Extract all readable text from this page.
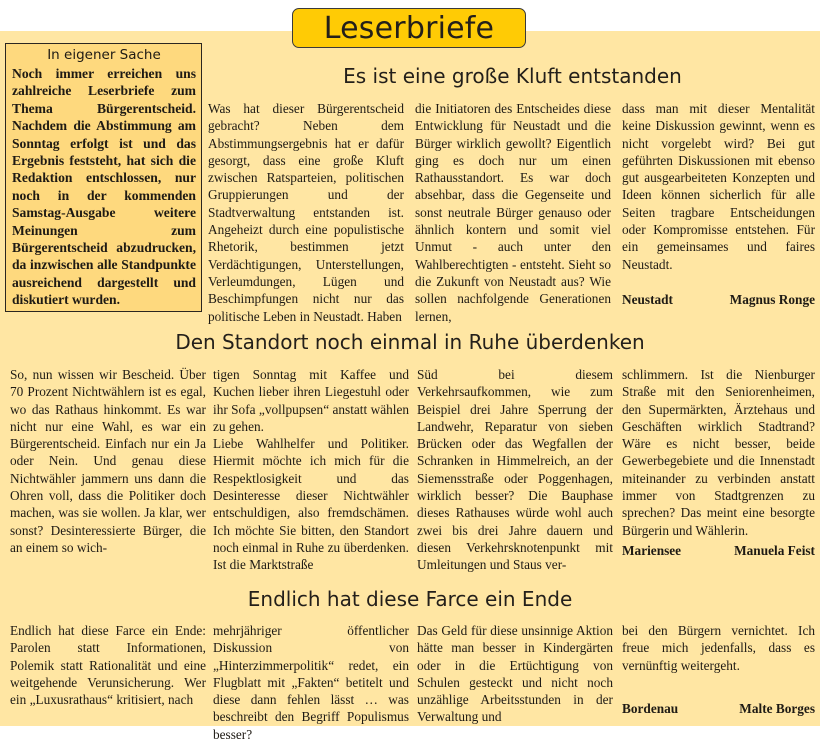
Leserbriefe
In eigener Sache

Noch immer erreichen uns zahlreiche Leserbriefe zum Thema Bürgerentscheid. Nachdem die Abstimmung am Sonntag erfolgt ist und das Ergebnis feststeht, hat sich die Redaktion entschlossen, nur noch in der kommenden Samstag-Ausgabe weitere Meinungen zum Bürgerentscheid abzudrucken, da inzwischen alle Standpunkte ausreichend dargestellt und diskutiert wurden.

Es ist eine große Kluft entstanden

Was hat dieser Bürgerentscheid gebracht? Neben dem Abstimmungsergebnis hat er dafür gesorgt, dass eine große Kluft zwischen Ratsparteien, politischen Gruppierungen und der Stadtverwaltung entstanden ist. Angeheizt durch eine populistische Rhetorik, bestimmen jetzt Verdächtigungen, Unterstellungen, Verleumdungen, Lügen und Beschimpfungen nicht nur das politische Leben in Neustadt. Haben

die Initiatoren des Entscheides diese Entwicklung für Neustadt und die Bürger wirklich gewollt? Eigentlich ging es doch nur um einen Rathausstandort. Es war doch absehbar, dass die Gegenseite und sonst neutrale Bürger genauso oder ähnlich kontern und somit viel Unmut - auch unter den Wahlberechtigten - entsteht. Sieht so die Zukunft von Neustadt aus? Wie sollen nachfolgende Generationen lernen,

dass man mit dieser Mentalität keine Diskussion gewinnt, wenn es nicht vorgelebt wird? Bei gut geführten Diskussionen mit ebenso gut ausgearbeiteten Konzepten und Ideen können sicherlich für alle Seiten tragbare Entscheidungen oder Kompromisse entstehen. Für ein gemeinsames und faires Neustadt.

Neustadt	Magnus Ronge
Den Standort noch einmal in Ruhe überdenken

So, nun wissen wir Bescheid. Über 70 Prozent Nichtwählern ist es egal, wo das Rathaus hinkommt. Es war nicht nur eine Wahl, es war ein Bürgerentscheid. Einfach nur ein Ja oder Nein. Und genau diese Nichtwähler jammern uns dann die Ohren voll, dass die Politiker doch machen, was sie wollen. Ja klar, wer sonst? Desinteressierte Bürger, die an einem so wich-

tigen Sonntag mit Kaffee und Kuchen lieber ihren Liegestuhl oder ihr Sofa „vollpupsen“ anstatt wählen zu gehen.

Liebe Wahlhelfer und Politiker. Hiermit möchte ich mich für die Respektlosigkeit und das Desinteresse dieser Nichtwähler entschuldigen, also fremdschämen. Ich möchte Sie bitten, den Standort noch einmal in Ruhe zu überdenken. Ist die Marktstraße

Süd bei diesem Verkehrsaufkommen, wie zum Beispiel drei Jahre Sperrung der Landwehr, Reparatur von sieben Brücken oder das Wegfallen der Schranken in Himmelreich, an der Siemensstraße oder Poggenhagen, wirklich besser? Die Bauphase dieses Rathauses würde wohl auch zwei bis drei Jahre dauern und diesen Verkehrsknotenpunkt mit Umleitungen und Staus ver-

schlimmern. Ist die Nienburger Straße mit den Seniorenheimen, den Supermärkten, Ärztehaus und Geschäften wirklich Stadtrand? Wäre es nicht besser, beide Gewerbegebiete und die Innenstadt miteinander zu verbinden anstatt immer von Stadtgrenzen zu sprechen? Das meint eine besorgte Bürgerin und Wählerin.

Mariensee	Manuela Feist
Endlich hat diese Farce ein Ende

Endlich hat diese Farce ein Ende: Parolen statt Informationen, Polemik statt Rationalität und eine weitgehende Verunsicherung. Wer ein „Luxusrathaus“ kritisiert, nach

mehrjähriger öffentlicher Diskussion von „Hinterzimmerpolitik“ redet, ein Flugblatt mit „Fakten“ betitelt und diese dann fehlen lässt … was beschreibt den Begriff Populismus besser?

Das Geld für diese unsinnige Aktion hätte man besser in Kindergärten oder in die Ertüchtigung von Schulen gesteckt und nicht noch unzählige Arbeitsstunden in der Verwaltung und

bei den Bürgern vernichtet. Ich freue mich jedenfalls, dass es vernünftig weitergeht.

Bordenau	Malte Borges
